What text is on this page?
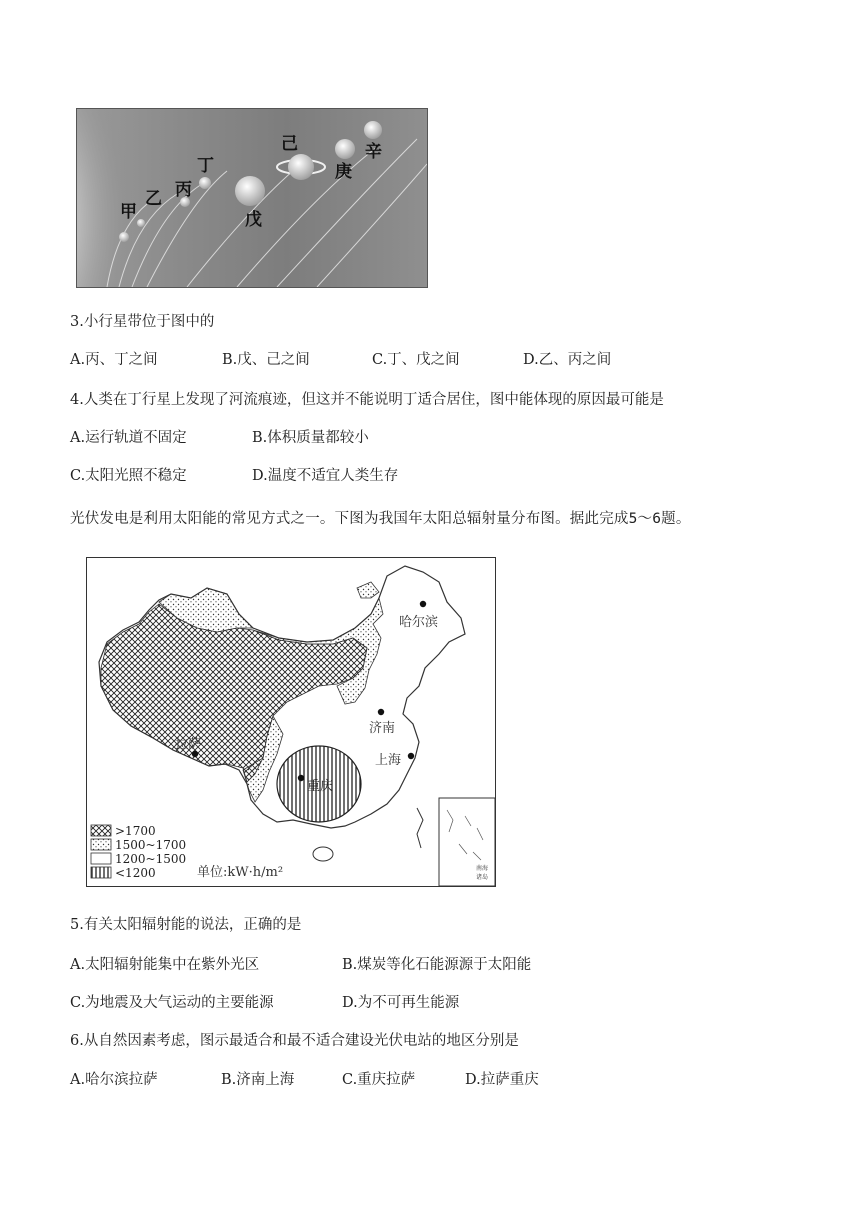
甲
乙 丙
丁
戊
己
庚
辛
3.小行星带位于图中的
A.丙、丁之间	B.戊、己之间	C.丁、戊之间	D.乙、丙之间
4.人类在丁行星上发现了河流痕迹，但这并不能说明丁适合居住，图中能体现的原因最可能是
A.运行轨道不固定	B.体积质量都较小
C.太阳光照不稳定	D.温度不适宜人类生存
光伏发电是利用太阳能的常见方式之一。下图为我国年太阳总辐射量分布图。据此完成5～6题。
哈尔滨
济南
上海
拉萨
重庆
南海
诸岛
>1700
1500~1700
1200~1500
<1200	单位:kW·h/m²
5.有关太阳辐射能的说法，正确的是
A.太阳辐射能集中在紫外光区	B.煤炭等化石能源源于太阳能
C.为地震及大气运动的主要能源	D.为不可再生能源
6.从自然因素考虑，图示最适合和最不适合建设光伏电站的地区分别是
A.哈尔滨拉萨	B.济南上海	C.重庆拉萨	D.拉萨重庆
